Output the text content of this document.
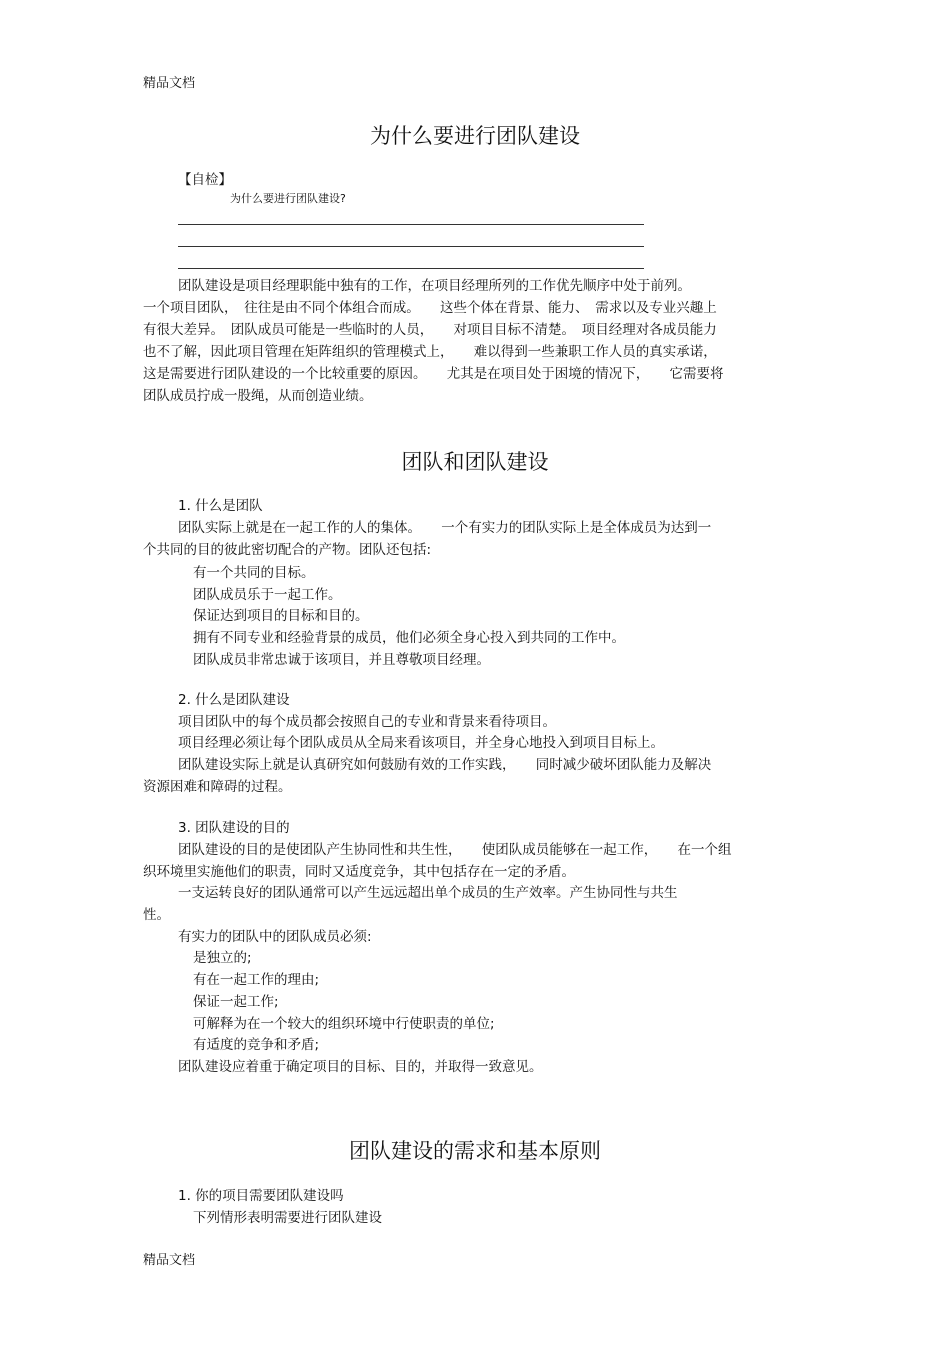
精品文档
为什么要进行团队建设
【自检】
为什么要进行团队建设?
团队建设是项目经理职能中独有的工作，在项目经理所列的工作优先顺序中处于前列。
一个项目团队，　往往是由不同个体组合而成。　　这些个体在背景、能力、　需求以及专业兴趣上
有很大差异。　团队成员可能是一些临时的人员，　　对项目目标不清楚。　项目经理对各成员能力
也不了解，因此项目管理在矩阵组织的管理模式上，　　难以得到一些兼职工作人员的真实承诺，
这是需要进行团队建设的一个比较重要的原因。　　尤其是在项目处于困境的情况下，　　它需要将
团队成员拧成一股绳，从而创造业绩。
团队和团队建设
1. 什么是团队
团队实际上就是在一起工作的人的集体。　　一个有实力的团队实际上是全体成员为达到一
个共同的目的彼此密切配合的产物。团队还包括:
有一个共同的目标。
团队成员乐于一起工作。
保证达到项目的目标和目的。
拥有不同专业和经验背景的成员，他们必须全身心投入到共同的工作中。
团队成员非常忠诚于该项目，并且尊敬项目经理。
2. 什么是团队建设
项目团队中的每个成员都会按照自己的专业和背景来看待项目。
项目经理必须让每个团队成员从全局来看该项目，并全身心地投入到项目目标上。
团队建设实际上就是认真研究如何鼓励有效的工作实践，　　同时减少破坏团队能力及解决
资源困难和障碍的过程。
3. 团队建设的目的
团队建设的目的是使团队产生协同性和共生性，　　使团队成员能够在一起工作，　　在一个组
织环境里实施他们的职责，同时又适度竞争，其中包括存在一定的矛盾。
一支运转良好的团队通常可以产生远远超出单个成员的生产效率。产生协同性与共生
性。
有实力的团队中的团队成员必须:
是独立的;
有在一起工作的理由;
保证一起工作;
可解释为在一个较大的组织环境中行使职责的单位;
有适度的竞争和矛盾;
团队建设应着重于确定项目的目标、目的，并取得一致意见。
团队建设的需求和基本原则
1. 你的项目需要团队建设吗
下列情形表明需要进行团队建设
精品文档
